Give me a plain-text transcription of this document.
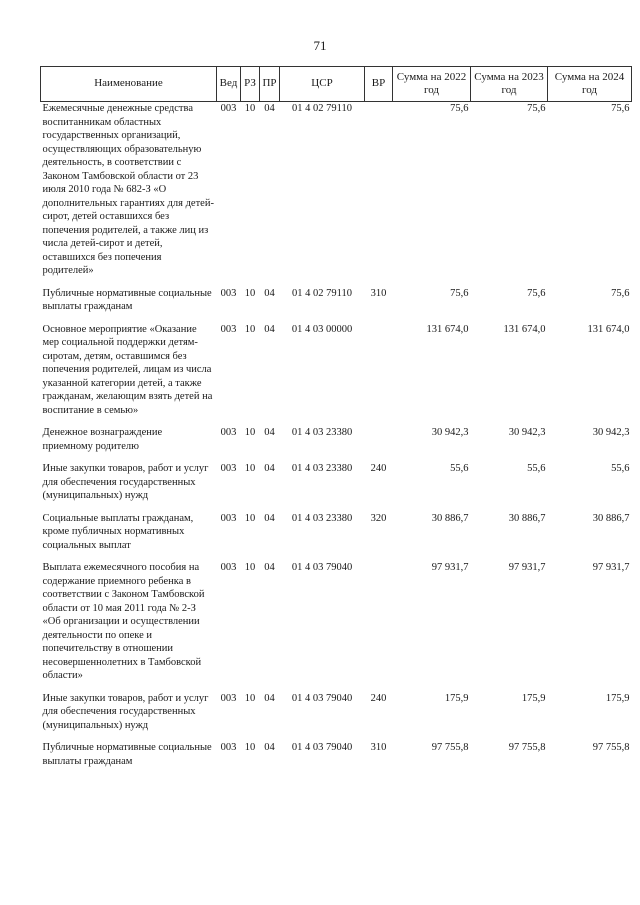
71
Наименование	Вед	РЗ	ПР	ЦСР	ВР	Сумма на 2022 год	Сумма на 2023 год	Сумма на 2024 год
Ежемесячные денежные средства воспитанникам областных государственных организаций, осуществляющих образовательную деятельность, в соответствии с Законом Тамбовской области от 23 июля 2010 года № 682-З «О дополнительных гарантиях для детей-сирот, детей оставшихся без попечения родителей, а также лиц из числа детей-сирот и детей, оставшихся без попечения родителей»	003	10	04	01 4 02 79110		75,6	75,6	75,6

Публичные нормативные социальные выплаты гражданам	003	10	04	01 4 02 79110	310	75,6	75,6	75,6

Основное мероприятие «Оказание мер социальной поддержки детям-сиротам, детям, оставшимся без попечения родителей, лицам из числа указанной категории детей, а также гражданам, желающим взять детей на воспитание в семью»	003	10	04	01 4 03 00000		131 674,0	131 674,0	131 674,0

Денежное вознаграждение приемному родителю	003	10	04	01 4 03 23380		30 942,3	30 942,3	30 942,3

Иные закупки товаров, работ и услуг для обеспечения государственных (муниципальных) нужд	003	10	04	01 4 03 23380	240	55,6	55,6	55,6

Социальные выплаты гражданам, кроме публичных нормативных социальных выплат	003	10	04	01 4 03 23380	320	30 886,7	30 886,7	30 886,7

Выплата ежемесячного пособия на содержание приемного ребенка в соответствии с Законом Тамбовской области от 10 мая 2011 года № 2-З «Об организации и осуществлении деятельности по опеке и попечительству в отношении несовершеннолетних в Тамбовской области»	003	10	04	01 4 03 79040		97 931,7	97 931,7	97 931,7

Иные закупки товаров, работ и услуг для обеспечения государственных (муниципальных) нужд	003	10	04	01 4 03 79040	240	175,9	175,9	175,9

Публичные нормативные социальные выплаты гражданам	003	10	04	01 4 03 79040	310	97 755,8	97 755,8	97 755,8
